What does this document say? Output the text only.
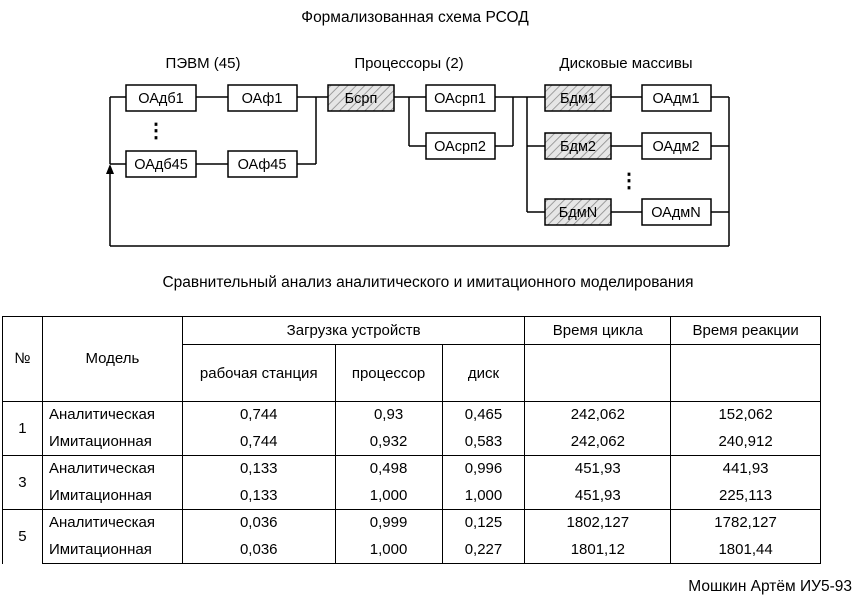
Формализованная схема РСОД
ПЭВМ (45)	Процессоры (2)	Дисковые массивы
ОАдб1	ОАф1
ОАдб45	ОАф45
Бсрп	ОАсрп1
ОАсрп2
Бдм1	ОАдм1
Бдм2	ОАдм2
БдмN	ОАдмN
⋮
⋮
Сравнительный анализ аналитического и имитационного моделирования
№	Модель	Загрузка устройств			Время цикла	Время реакции
		рабочая станция	процессор	диск		
1	Аналитическая	0,744	0,93	0,465	242,062	152,062
	Имитационная	0,744	0,932	0,583	242,062	240,912
3	Аналитическая	0,133	0,498	0,996	451,93	441,93
	Имитационная	0,133	1,000	1,000	451,93	225,113
5	Аналитическая	0,036	0,999	0,125	1802,127	1782,127
	Имитационная	0,036	1,000	0,227	1801,12	1801,44
Мошкин Артём ИУ5-93
